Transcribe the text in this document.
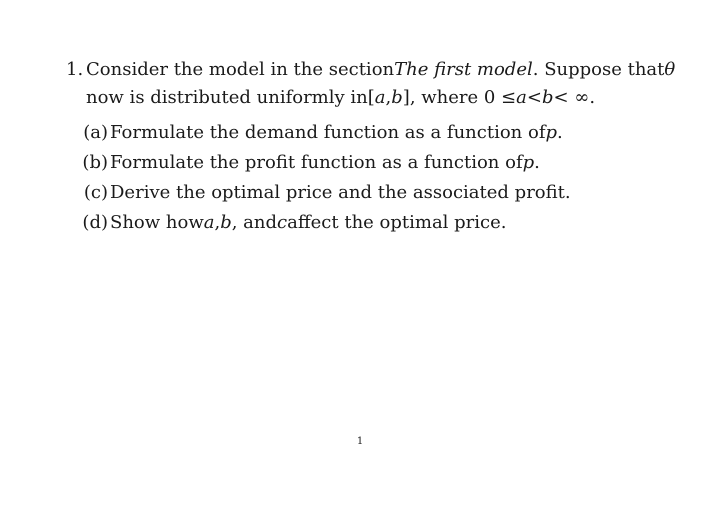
1. Consider the model in the section The first model . Suppose that θ
now is distributed uniformly in [ a , b ] , where 0 ≤ a < b < ∞.
(a) Formulate the demand function as a function of p .
(b) Formulate the profit function as a function of p .
(c) Derive the optimal price and the associated profit.
(d) Show how a , b , and c affect the optimal price.
1
